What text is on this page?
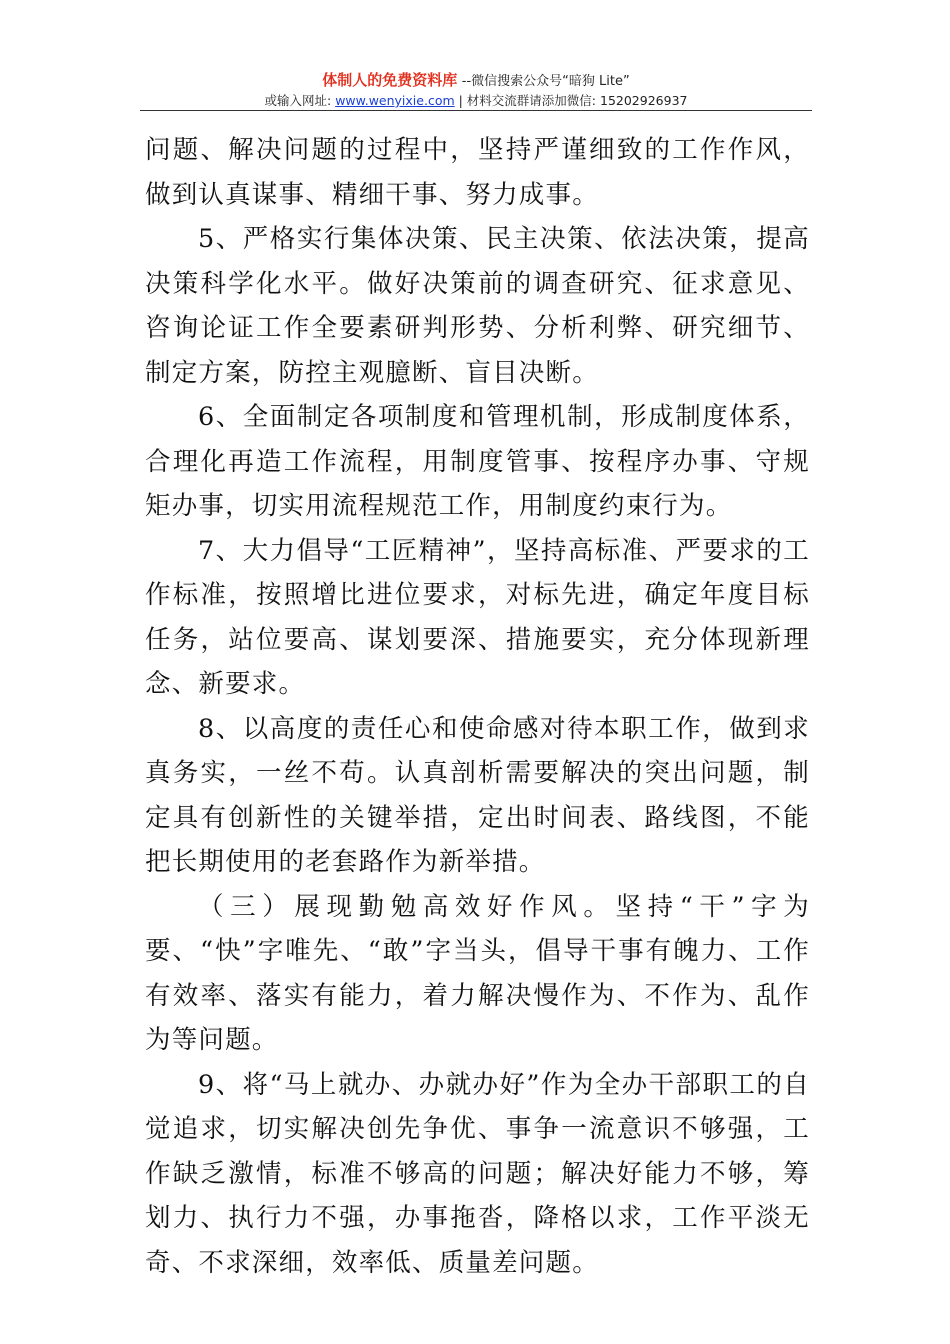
体制人的免费资料库 --微信搜索公众号“暗狗 Lite”
或输入网址: www.wenyixie.com | 材料交流群请添加微信: 15202926937

问题、解决问题的过程中，坚持严谨细致的工作作风，做到认真谋事、精细干事、努力成事。

5、严格实行集体决策、民主决策、依法决策，提高决策科学化水平。做好决策前的调查研究、征求意见、咨询论证工作全要素研判形势、分析利弊、研究细节、制定方案，防控主观臆断、盲目决断。

6、全面制定各项制度和管理机制，形成制度体系，合理化再造工作流程，用制度管事、按程序办事、守规矩办事，切实用流程规范工作，用制度约束行为。

7、大力倡导“工匠精神”，坚持高标准、严要求的工作标准，按照增比进位要求，对标先进，确定年度目标任务，站位要高、谋划要深、措施要实，充分体现新理念、新要求。

8、以高度的责任心和使命感对待本职工作，做到求真务实，一丝不苟。认真剖析需要解决的突出问题，制定具有创新性的关键举措，定出时间表、路线图，不能把长期使用的老套路作为新举措。

（三）展现勤勉高效好作风。坚持“干”字为要、“快”字唯先、“敢”字当头，倡导干事有魄力、工作有效率、落实有能力，着力解决慢作为、不作为、乱作为等问题。

9、将“马上就办、办就办好”作为全办干部职工的自觉追求，切实解决创先争优、事争一流意识不够强，工作缺乏激情，标准不够高的问题；解决好能力不够，筹划力、执行力不强，办事拖沓，降格以求，工作平淡无奇、不求深细，效率低、质量差问题。
